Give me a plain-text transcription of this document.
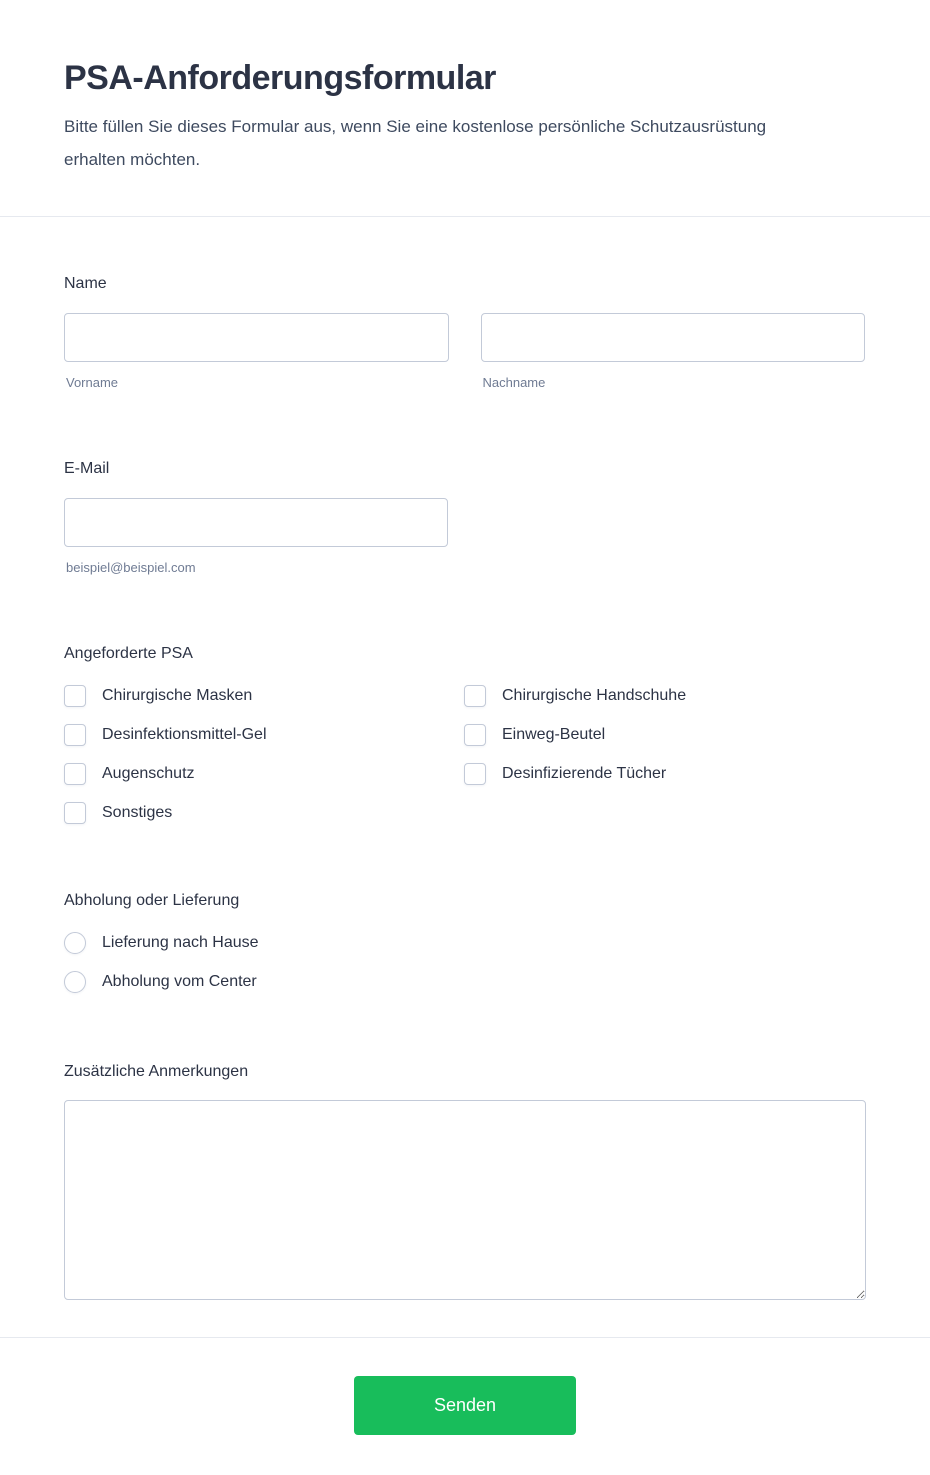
PSA-Anforderungsformular

Bitte füllen Sie dieses Formular aus, wenn Sie eine kostenlose persönliche Schutzausrüstung erhalten möchten.

Name
Vorname	Nachname
E-Mail
beispiel@beispiel.com
Angeforderte PSA
Chirurgische Masken	Chirurgische Handschuhe
Desinfektionsmittel-Gel	Einweg-Beutel
Augenschutz	Desinfizierende Tücher
Sonstiges
Abholung oder Lieferung
Lieferung nach Hause
Abholung vom Center
Zusätzliche Anmerkungen
Senden
